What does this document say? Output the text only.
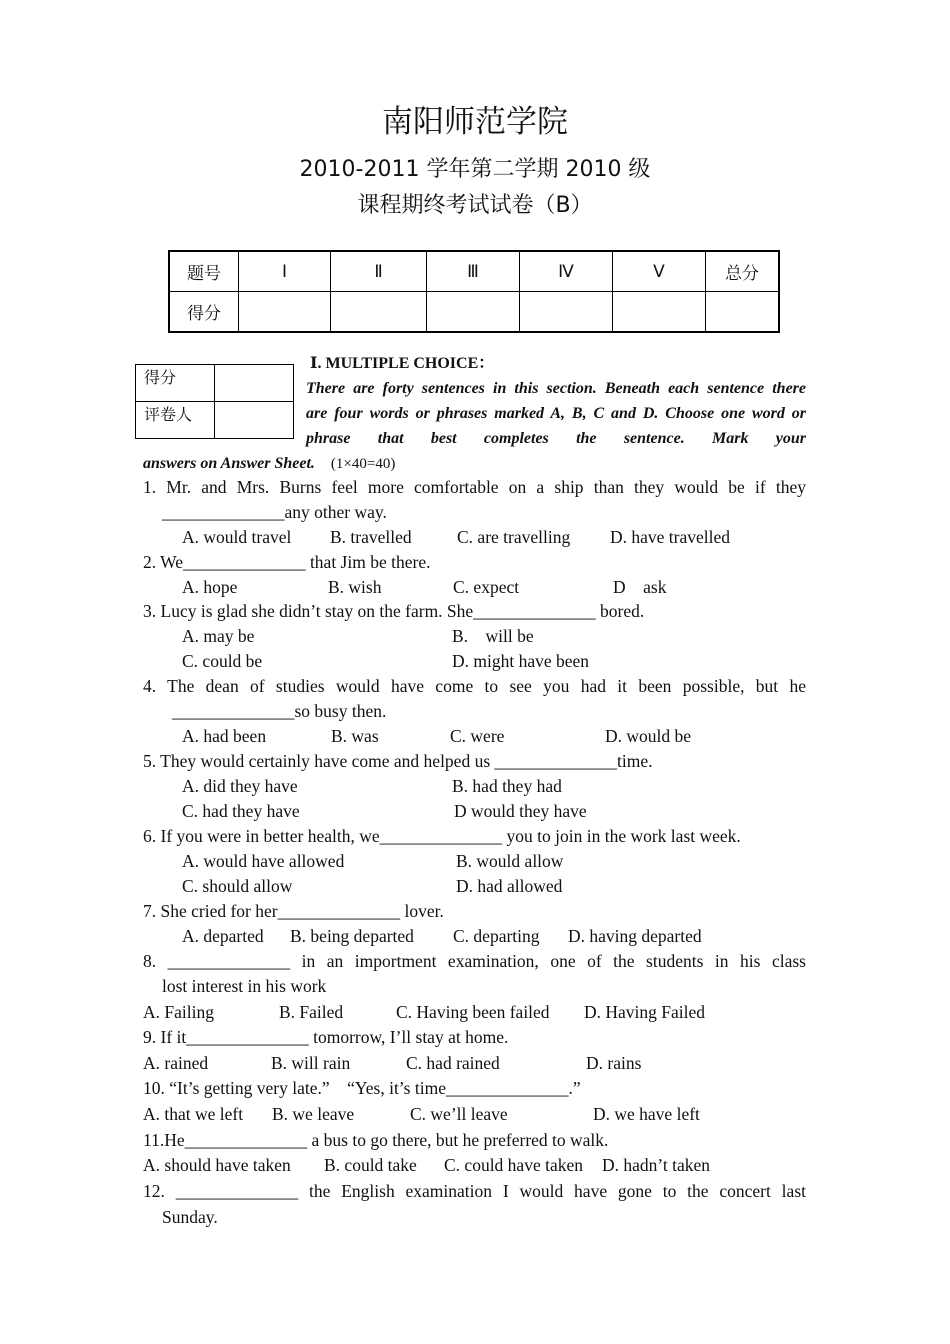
南阳师范学院
2010-2011 学年第二学期 2010 级
课程期终考试试卷（B）
题号	Ⅰ	Ⅱ	Ⅲ	Ⅳ	Ⅴ	总分
得分						
得分	
评卷人	
Ⅰ. MULTIPLE CHOICE：
There are forty sentences in this section. Beneath each sentence there
are four words or phrases marked A, B, C and D. Choose one word or
phrase that best completes the sentence. Mark your
answers on Answer Sheet. (1×40=40)
1. Mr. and Mrs. Burns feel more comfortable on a ship than they would be if they
______________any other way.
A. would travel B. travelled	C. are travelling D. have travelled
2. We______________ that Jim be there.
A. hope	B. wish	C. expect	D    ask
3. Lucy is glad she didn’t stay on the farm. She______________ bored.
A. may be	B.    will be
C. could be	D. might have been
4. The dean of studies would have come to see you had it been possible, but he
______________so busy then.
A. had been	B. was	C. were	D. would be
5. They would certainly have come and helped us ______________time.
A. did they have	B. had they had
C. had they have	D would they have
6. If you were in better health, we______________ you to join in the work last week.
A. would have allowed	B. would allow
C. should allow	D. had allowed
7. She cried for her______________ lover.
A. departed B. being departed C. departing D. having departed
8. ______________ in an importment examination, one of the students in his class
lost interest in his work
A. Failing	B. Failed	C. Having been failed D. Having Failed
9. If it______________ tomorrow, I’ll stay at home.
A. rained	B. will rain	C. had rained	D. rains
10. “It’s getting very late.”    “Yes, it’s time______________.”
A. that we left B. we leave	C. we’ll leave	D. we have left
11.He______________ a bus to go there, but he preferred to walk.
A. should have taken B. could take C. could have taken D. hadn’t taken
12. ______________ the English examination I would have gone to the concert last
Sunday.
